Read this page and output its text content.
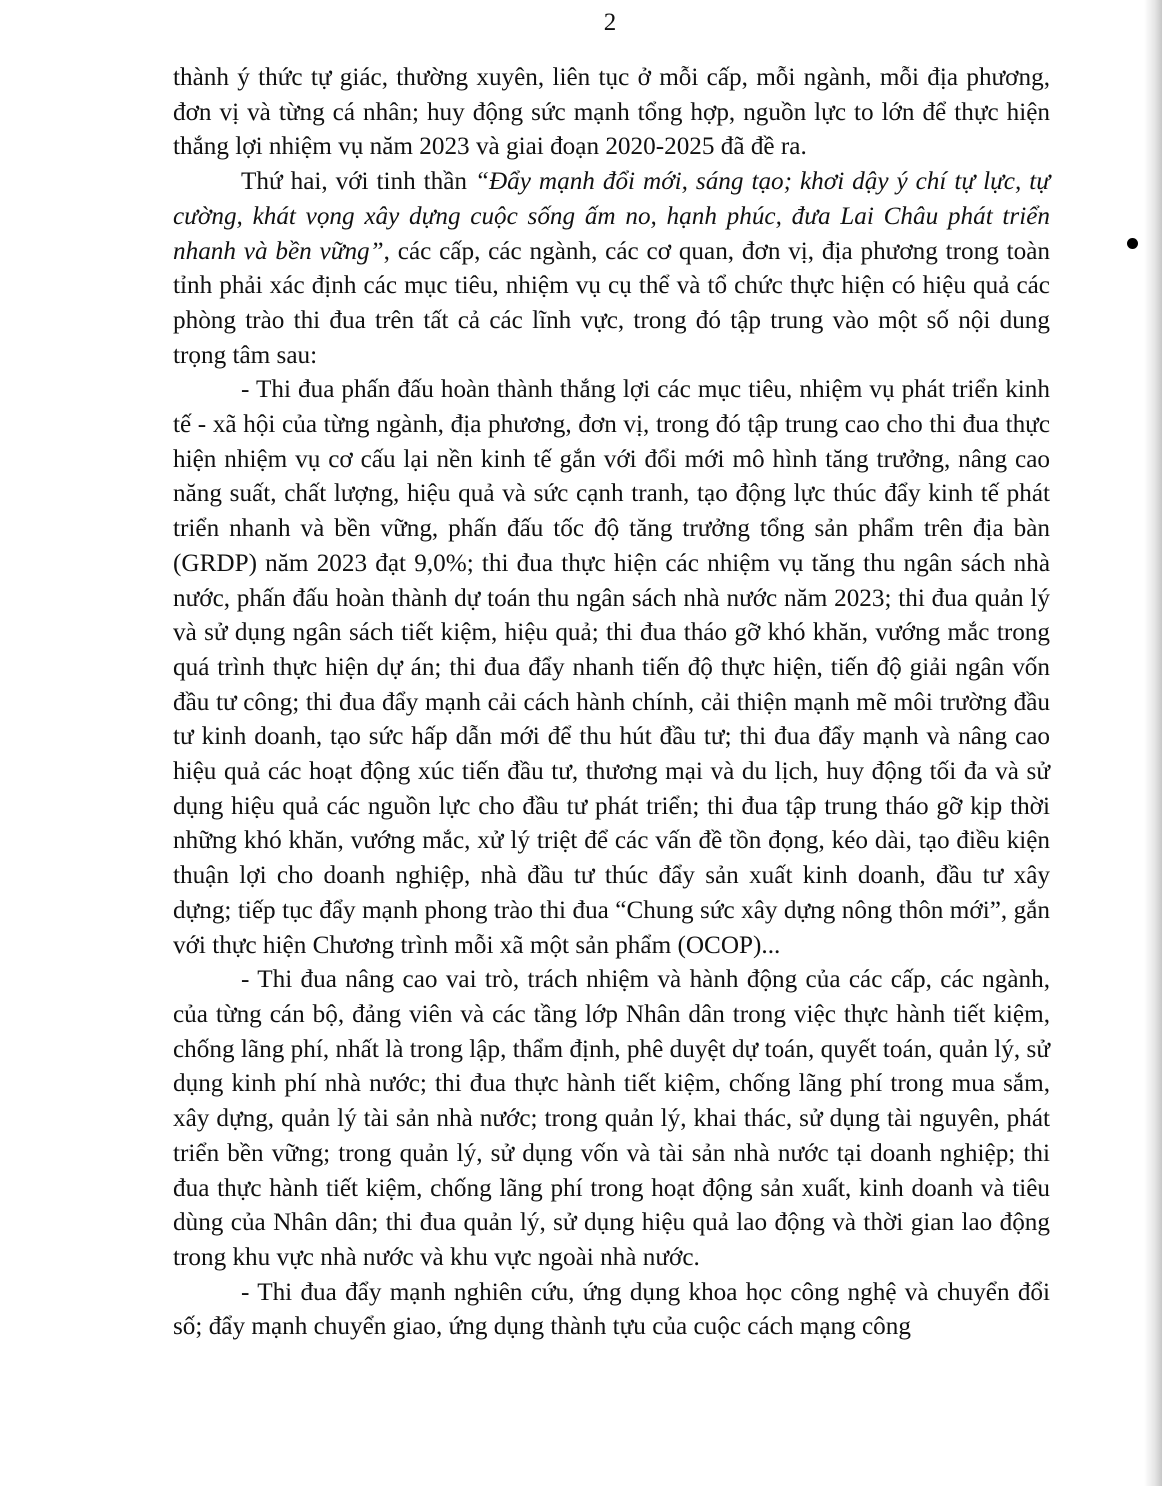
2

thành ý thức tự giác, thường xuyên, liên tục ở mỗi cấp, mỗi ngành, mỗi địa phương, đơn vị và từng cá nhân; huy động sức mạnh tổng hợp, nguồn lực to lớn để thực hiện thắng lợi nhiệm vụ năm 2023 và giai đoạn 2020-2025 đã đề ra.

Thứ hai, với tinh thần “Đẩy mạnh đổi mới, sáng tạo; khơi dậy ý chí tự lực, tự cường, khát vọng xây dựng cuộc sống ấm no, hạnh phúc, đưa Lai Châu phát triển nhanh và bền vững”, các cấp, các ngành, các cơ quan, đơn vị, địa phương trong toàn tỉnh phải xác định các mục tiêu, nhiệm vụ cụ thể và tổ chức thực hiện có hiệu quả các phòng trào thi đua trên tất cả các lĩnh vực, trong đó tập trung vào một số nội dung trọng tâm sau:

- Thi đua phấn đấu hoàn thành thắng lợi các mục tiêu, nhiệm vụ phát triển kinh tế - xã hội của từng ngành, địa phương, đơn vị, trong đó tập trung cao cho thi đua thực hiện nhiệm vụ cơ cấu lại nền kinh tế gắn với đổi mới mô hình tăng trưởng, nâng cao năng suất, chất lượng, hiệu quả và sức cạnh tranh, tạo động lực thúc đẩy kinh tế phát triển nhanh và bền vững, phấn đấu tốc độ tăng trưởng tổng sản phẩm trên địa bàn (GRDP) năm 2023 đạt 9,0%; thi đua thực hiện các nhiệm vụ tăng thu ngân sách nhà nước, phấn đấu hoàn thành dự toán thu ngân sách nhà nước năm 2023; thi đua quản lý và sử dụng ngân sách tiết kiệm, hiệu quả; thi đua tháo gỡ khó khăn, vướng mắc trong quá trình thực hiện dự án; thi đua đẩy nhanh tiến độ thực hiện, tiến độ giải ngân vốn đầu tư công; thi đua đẩy mạnh cải cách hành chính, cải thiện mạnh mẽ môi trường đầu tư kinh doanh, tạo sức hấp dẫn mới để thu hút đầu tư; thi đua đẩy mạnh và nâng cao hiệu quả các hoạt động xúc tiến đầu tư, thương mại và du lịch, huy động tối đa và sử dụng hiệu quả các nguồn lực cho đầu tư phát triển; thi đua tập trung tháo gỡ kịp thời những khó khăn, vướng mắc, xử lý triệt để các vấn đề tồn đọng, kéo dài, tạo điều kiện thuận lợi cho doanh nghiệp, nhà đầu tư thúc đẩy sản xuất kinh doanh, đầu tư xây dựng; tiếp tục đẩy mạnh phong trào thi đua “Chung sức xây dựng nông thôn mới”, gắn với thực hiện Chương trình mỗi xã một sản phẩm (OCOP)...

- Thi đua nâng cao vai trò, trách nhiệm và hành động của các cấp, các ngành, của từng cán bộ, đảng viên và các tầng lớp Nhân dân trong việc thực hành tiết kiệm, chống lãng phí, nhất là trong lập, thẩm định, phê duyệt dự toán, quyết toán, quản lý, sử dụng kinh phí nhà nước; thi đua thực hành tiết kiệm, chống lãng phí trong mua sắm, xây dựng, quản lý tài sản nhà nước; trong quản lý, khai thác, sử dụng tài nguyên, phát triển bền vững; trong quản lý, sử dụng vốn và tài sản nhà nước tại doanh nghiệp; thi đua thực hành tiết kiệm, chống lãng phí trong hoạt động sản xuất, kinh doanh và tiêu dùng của Nhân dân; thi đua quản lý, sử dụng hiệu quả lao động và thời gian lao động trong khu vực nhà nước và khu vực ngoài nhà nước.

- Thi đua đẩy mạnh nghiên cứu, ứng dụng khoa học công nghệ và chuyển đổi số; đẩy mạnh chuyển giao, ứng dụng thành tựu của cuộc cách mạng công
